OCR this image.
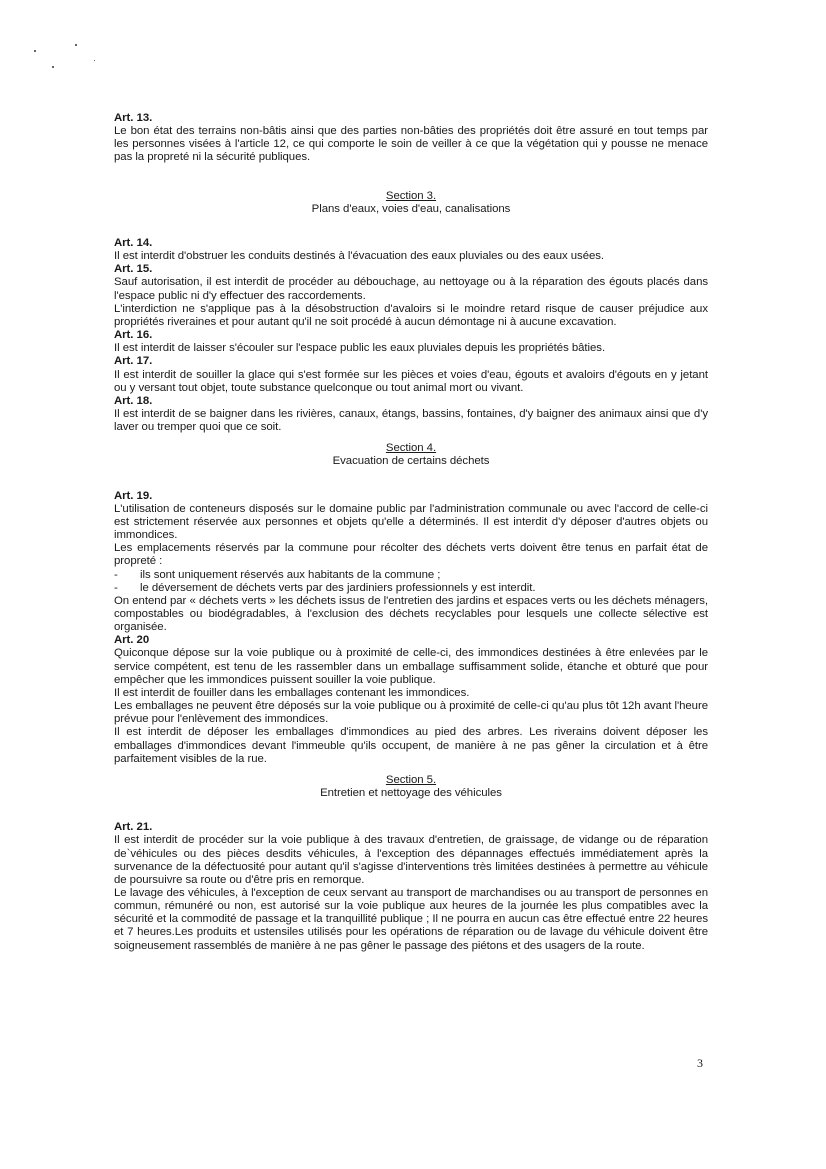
Art. 13.

Le bon état des terrains non-bâtis ainsi que des parties non-bâties des propriétés doit être assuré en tout temps par les personnes visées à l'article 12, ce qui comporte le soin de veiller à ce que la végétation qui y pousse ne menace pas la propreté ni la sécurité publiques.

Section 3.

Plans d'eaux, voies d'eau, canalisations

Art. 14.

Il est interdit d'obstruer les conduits destinés à l'évacuation des eaux pluviales ou des eaux usées.

Art. 15.

Sauf autorisation, il est interdit de procéder au débouchage, au nettoyage ou à la réparation des égouts placés dans l'espace public ni d'y effectuer des raccordements.

L'interdiction ne s'applique pas à la désobstruction d'avaloirs si le moindre retard risque de causer préjudice aux propriétés riveraines et pour autant qu'il ne soit procédé à aucun démontage ni à aucune excavation.

Art. 16.

Il est interdit de laisser s'écouler sur l'espace public les eaux pluviales depuis les propriétés bâties.

Art. 17.

Il est interdit de souiller la glace qui s'est formée sur les pièces et voies d'eau, égouts et avaloirs d'égouts en y jetant ou y versant tout objet, toute substance quelconque ou tout animal mort ou vivant.

Art. 18.

Il est interdit de se baigner dans les rivières, canaux, étangs, bassins, fontaines, d'y baigner des animaux ainsi que d'y laver ou tremper quoi que ce soit.

Section 4.

Evacuation de certains déchets

Art. 19.

L'utilisation de conteneurs disposés sur le domaine public par l'administration communale ou avec l'accord de celle-ci est strictement réservée aux personnes et objets qu'elle a déterminés. Il est interdit d'y déposer d'autres objets ou immondices.

Les emplacements réservés par la commune pour récolter des déchets verts doivent être tenus en parfait état de propreté :

-	ils sont uniquement réservés aux habitants de la commune ;
-	le déversement de déchets verts par des jardiniers professionnels y est interdit.

On entend par « déchets verts » les déchets issus de l'entretien des jardins et espaces verts ou les déchets ménagers, compostables ou biodégradables, à l'exclusion des déchets recyclables pour lesquels une collecte sélective est organisée.

Art. 20

Quiconque dépose sur la voie publique ou à proximité de celle-ci, des immondices destinées à être enlevées par le service compétent, est tenu de les rassembler dans un emballage suffisamment solide, étanche et obturé que pour empêcher que les immondices puissent souiller la voie publique.

Il est interdit de fouiller dans les emballages contenant les immondices.

Les emballages ne peuvent être déposés sur la voie publique ou à proximité de celle-ci qu'au plus tôt 12h avant l'heure prévue pour l'enlèvement des immondices.

Il est interdit de déposer les emballages d'immondices au pied des arbres. Les riverains doivent déposer les emballages d'immondices devant l'immeuble qu'ils occupent, de manière à ne pas gêner la circulation et à être parfaitement visibles de la rue.

Section 5.

Entretien et nettoyage des véhicules

Art. 21.

Il est interdit de procéder sur la voie publique à des travaux d'entretien, de graissage, de vidange ou de réparation de`véhicules ou des pièces desdits véhicules, à l'exception des dépannages effectués immédiatement après la survenance de la défectuosité pour autant qu'il s'agisse d'interventions très limitées destinées à permettre au véhicule de poursuivre sa route ou d'être pris en remorque.

Le lavage des véhicules, à l'exception de ceux servant au transport de marchandises ou au transport de personnes en commun, rémunéré ou non, est autorisé sur la voie publique aux heures de la journée les plus compatibles avec la sécurité et la commodité de passage et la tranquillité publique ; Il ne pourra en aucun cas être effectué entre 22 heures et 7 heures.Les produits et ustensiles utilisés pour les opérations de réparation ou de lavage du véhicule doivent être soigneusement rassemblés de manière à ne pas gêner le passage des piétons et des usagers de la route.

3
